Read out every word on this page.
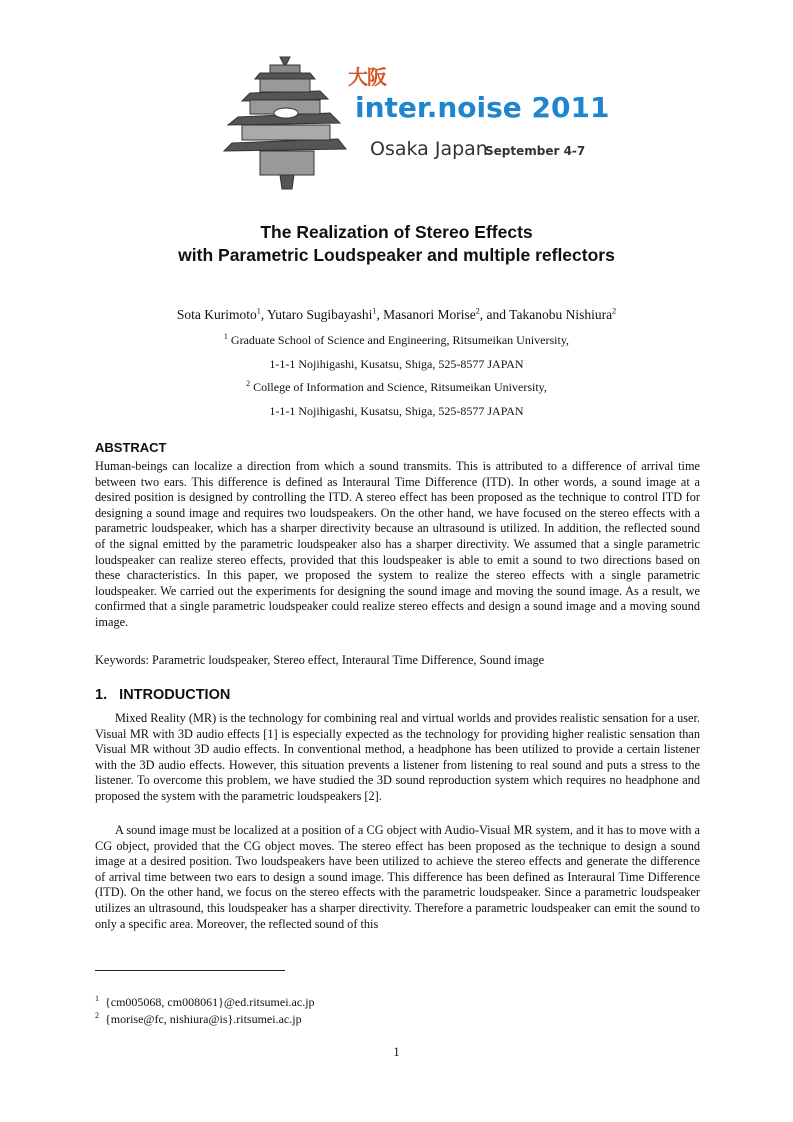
大阪
inter.noise 2011
Osaka Japan
September 4-7
The Realization of Stereo Effects
with Parametric Loudspeaker and multiple reflectors
Sota Kurimoto$^1$, Yutaro Sugibayashi$^1$, Masanori Morise$^2$, and Takanobu Nishiura$^2$
$^1$ Graduate School of Science and Engineering, Ritsumeikan University,
1-1-1 Nojihigashi, Kusatsu, Shiga, 525-8577 JAPAN
$^2$ College of Information and Science, Ritsumeikan University,
1-1-1 Nojihigashi, Kusatsu, Shiga, 525-8577 JAPAN
ABSTRACT
Human-beings can localize a direction from which a sound transmits. This is attributed to a difference of arrival time between two ears. This difference is defined as Interaural Time Difference (ITD). In other words, a sound image at a desired position is designed by controlling the ITD. A stereo effect has been proposed as the technique to control ITD for designing a sound image and requires two loudspeakers. On the other hand, we have focused on the stereo effects with a parametric loudspeaker, which has a sharper directivity because an ultrasound is utilized. In addition, the reflected sound of the signal emitted by the parametric loudspeaker also has a sharper directivity. We assumed that a single parametric loudspeaker can realize stereo effects, provided that this loudspeaker is able to emit a sound to two directions based on these characteristics. In this paper, we proposed the system to realize the stereo effects with a single parametric loudspeaker. We carried out the experiments for designing the sound image and moving the sound image. As a result, we confirmed that a single parametric loudspeaker could realize stereo effects and design a sound image and a moving sound image.
Keywords: Parametric loudspeaker, Stereo effect, Interaural Time Difference, Sound image
1.   INTRODUCTION
Mixed Reality (MR) is the technology for combining real and virtual worlds and provides realistic sensation for a user. Visual MR with 3D audio effects [1] is especially expected as the technology for providing higher realistic sensation than Visual MR without 3D audio effects. In conventional method, a headphone has been utilized to provide a certain listener with the 3D audio effects. However, this situation prevents a listener from listening to real sound and puts a stress to the listener. To overcome this problem, we have studied the 3D sound reproduction system which requires no headphone and proposed the system with the parametric loudspeakers [2].
A sound image must be localized at a position of a CG object with Audio-Visual MR system, and it has to move with a CG object, provided that the CG object moves. The stereo effect has been proposed as the technique to design a sound image at a desired position. Two loudspeakers have been utilized to achieve the stereo effects and generate the difference of arrival time between two ears to design a sound image. This difference has been defined as Interaural Time Difference (ITD). On the other hand, we focus on the stereo effects with the parametric loudspeaker. Since a parametric loudspeaker utilizes an ultrasound, this loudspeaker has a sharper directivity. Therefore a parametric loudspeaker can emit the sound to only a specific area. Moreover, the reflected sound of this
$^1$ {cm005068, cm008061}@ed.ritsumei.ac.jp
$^2$ {morise@fc, nishiura@is}.ritsumei.ac.jp
1
